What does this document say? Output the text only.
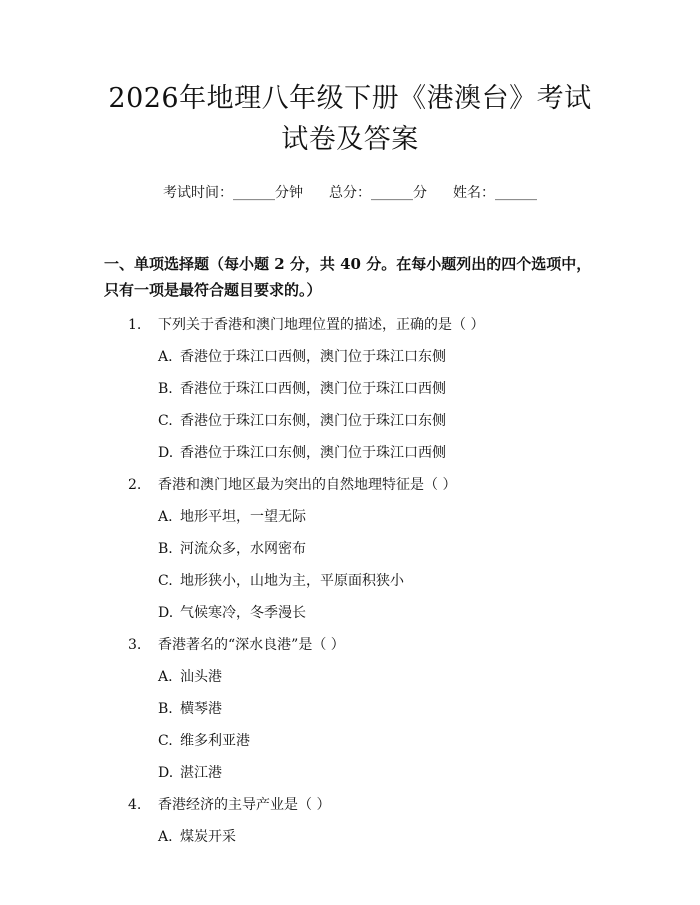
2026年地理八年级下册《港澳台》考试试卷及答案
考试时间：______分钟 总分：______分 姓名：______
一、单项选择题（每小题 2 分，共 40 分。在每小题列出的四个选项中，只有一项是最符合题目要求的。）
1.	下列关于香港和澳门地理位置的描述，正确的是（ ）
A. 香港位于珠江口西侧，澳门位于珠江口东侧
B. 香港位于珠江口西侧，澳门位于珠江口西侧
C. 香港位于珠江口东侧，澳门位于珠江口东侧
D. 香港位于珠江口东侧，澳门位于珠江口西侧
2.	香港和澳门地区最为突出的自然地理特征是（ ）
A. 地形平坦，一望无际
B. 河流众多，水网密布
C. 地形狭小，山地为主，平原面积狭小
D. 气候寒冷，冬季漫长
3.	香港著名的“深水良港”是（ ）
A. 汕头港
B. 横琴港
C. 维多利亚港
D. 湛江港
4.	香港经济的主导产业是（ ）
A. 煤炭开采
